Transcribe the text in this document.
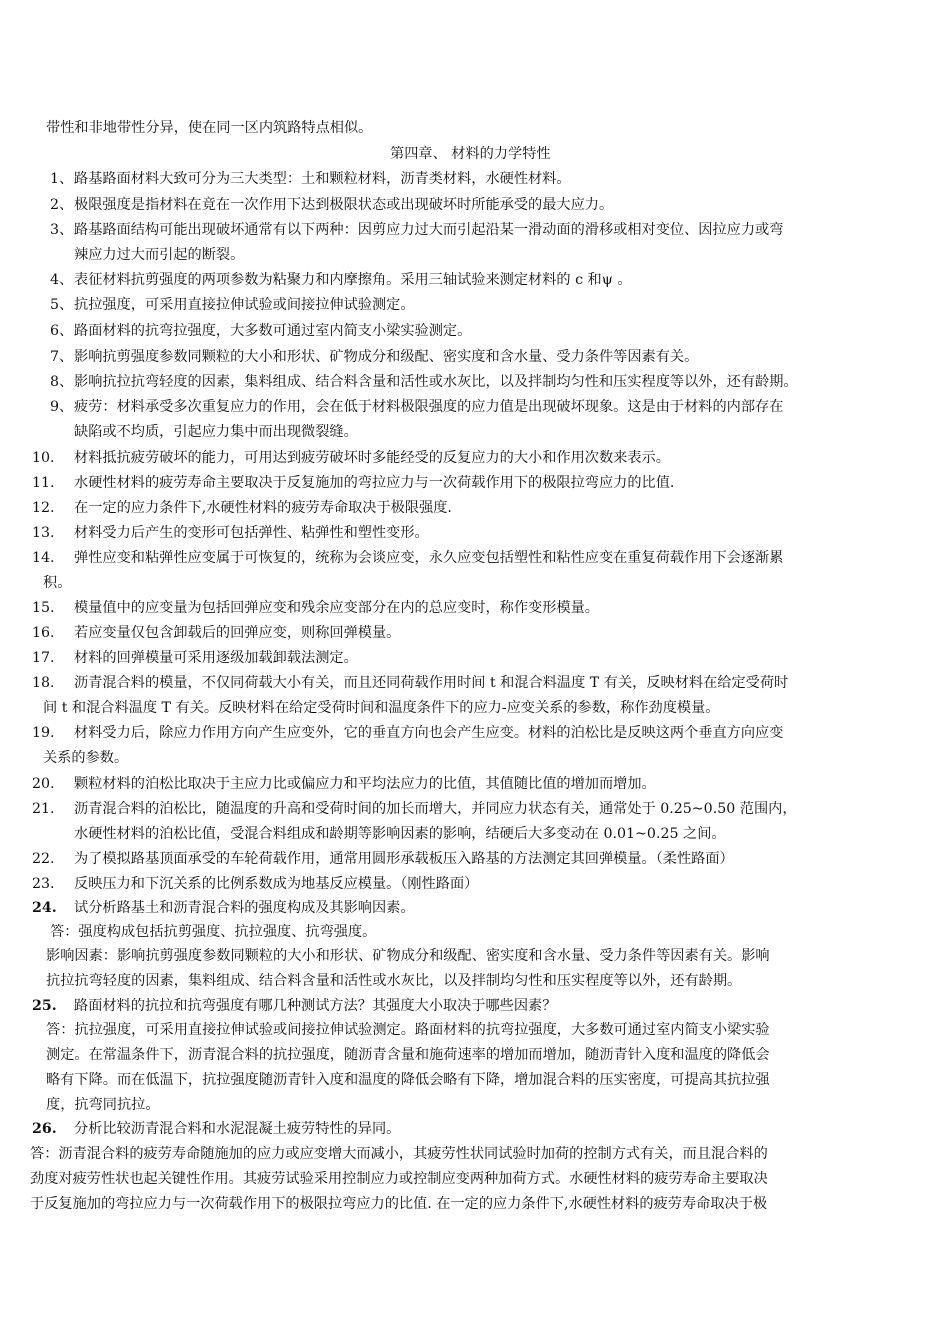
带性和非地带性分异，使在同一区内筑路特点相似。
第四章、 材料的力学特性
1、 路基路面材料大致可分为三大类型：土和颗粒材料，沥青类材料，水硬性材料。
2、 极限强度是指材料在竟在一次作用下达到极限状态或出现破坏时所能承受的最大应力。
3、 路基路面结构可能出现破坏通常有以下两种：因剪应力过大而引起沿某一滑动面的滑移或相对变位、因拉应力或弯
辣应力过大而引起的断裂。
4、 表征材料抗剪强度的两项参数为粘聚力和内摩擦角。采用三轴试验来测定材料的 c 和ψ 。
5、 抗拉强度，可采用直接拉伸试验或间接拉伸试验测定。
6、 路面材料的抗弯拉强度，大多数可通过室内简支小梁实验测定。
7、 影响抗剪强度参数同颗粒的大小和形状、矿物成分和级配、密实度和含水量、受力条件等因素有关。
8、 影响抗拉抗弯轻度的因素，集料组成、结合料含量和活性或水灰比，以及拌制均匀性和压实程度等以外，还有龄期。
9、 疲劳：材料承受多次重复应力的作用，会在低于材料极限强度的应力值是出现破坏现象。这是由于材料的内部存在
缺陷或不均质，引起应力集中而出现微裂缝。
10. 材料抵抗疲劳破坏的能力，可用达到疲劳破坏时多能经受的反复应力的大小和作用次数来表示。
11. 水硬性材料的疲劳寿命主要取决于反复施加的弯拉应力与一次荷载作用下的极限拉弯应力的比值.
12. 在一定的应力条件下,水硬性材料的疲劳寿命取决于极限强度.
13. 材料受力后产生的变形可包括弹性、粘弹性和塑性变形。
14. 弹性应变和粘弹性应变属于可恢复的，统称为会谈应变，永久应变包括塑性和粘性应变在重复荷载作用下会逐渐累
积。
15. 模量值中的应变量为包括回弹应变和残余应变部分在内的总应变时，称作变形模量。
16. 若应变量仅包含卸载后的回弹应变，则称回弹模量。
17. 材料的回弹模量可采用逐级加载卸载法测定。
18. 沥青混合料的模量，不仅同荷载大小有关，而且还同荷载作用时间 t 和混合料温度 T 有关，反映材料在给定受荷时
间 t 和混合料温度 T 有关。反映材料在给定受荷时间和温度条件下的应力-应变关系的参数，称作劲度模量。
19. 材料受力后，除应力作用方向产生应变外，它的垂直方向也会产生应变。材料的泊松比是反映这两个垂直方向应变
关系的参数。
20. 颗粒材料的泊松比取决于主应力比或偏应力和平均法应力的比值，其值随比值的增加而增加。
21. 沥青混合料的泊松比，随温度的升高和受荷时间的加长而增大，并同应力状态有关，通常处于 0.25~0.50 范围内，
水硬性材料的泊松比值，受混合料组成和龄期等影响因素的影响，结硬后大多变动在 0.01~0.25 之间。
22. 为了模拟路基顶面承受的车轮荷载作用，通常用圆形承载板压入路基的方法测定其回弹模量。（柔性路面）
23. 反映压力和下沉关系的比例系数成为地基反应模量。（刚性路面）
24. 试分析路基土和沥青混合料的强度构成及其影响因素。
答：强度构成包括抗剪强度、抗拉强度、抗弯强度。
影响因素：影响抗剪强度参数同颗粒的大小和形状、矿物成分和级配、密实度和含水量、受力条件等因素有关。影响
抗拉抗弯轻度的因素，集料组成、结合料含量和活性或水灰比，以及拌制均匀性和压实程度等以外，还有龄期。
25. 路面材料的抗拉和抗弯强度有哪几种测试方法？其强度大小取决于哪些因素？
答：抗拉强度，可采用直接拉伸试验或间接拉伸试验测定。路面材料的抗弯拉强度，大多数可通过室内简支小梁实验
测定。在常温条件下，沥青混合料的抗拉强度，随沥青含量和施荷速率的增加而增加，随沥青针入度和温度的降低会
略有下降。而在低温下，抗拉强度随沥青针入度和温度的降低会略有下降，增加混合料的压实密度，可提高其抗拉强
度，抗弯同抗拉。
26. 分析比较沥青混合料和水泥混凝土疲劳特性的异同。
答：沥青混合料的疲劳寿命随施加的应力或应变增大而减小，其疲劳性状同试验时加荷的控制方式有关，而且混合料的
劲度对疲劳性状也起关键性作用。其疲劳试验采用控制应力或控制应变两种加荷方式。水硬性材料的疲劳寿命主要取决
于反复施加的弯拉应力与一次荷载作用下的极限拉弯应力的比值. 在一定的应力条件下,水硬性材料的疲劳寿命取决于极
